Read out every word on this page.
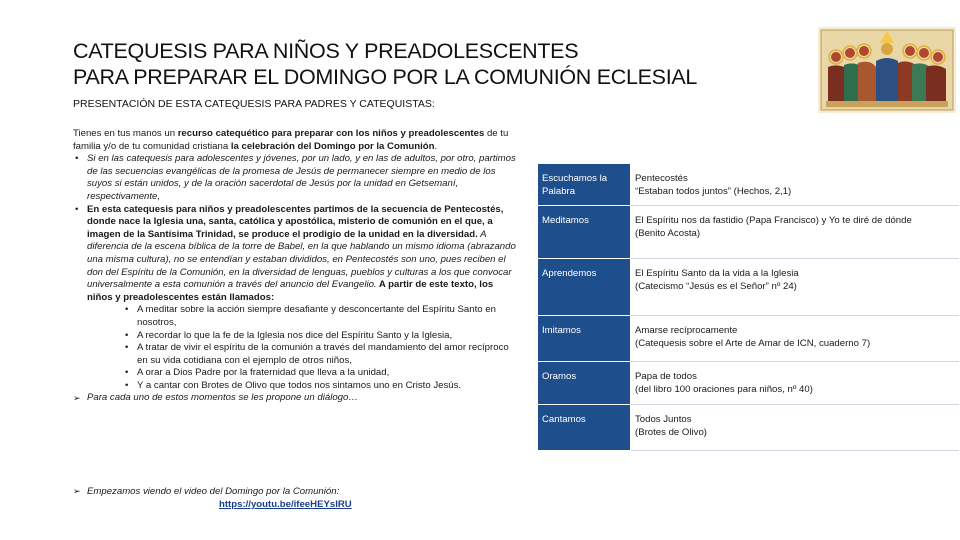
CATEQUESIS PARA NIÑOS Y PREADOLESCENTES
PARA PREPARAR EL DOMINGO POR LA COMUNIÓN ECLESIAL
PRESENTACIÓN DE ESTA CATEQUESIS PARA PADRES Y CATEQUISTAS:

Tienes en tus manos un recurso catequético para preparar con los niños y preadolescentes de tu familia y/o de tu comunidad cristiana la celebración del Domingo por la Comunión.

• Si en las catequesis para adolescentes y jóvenes, por un lado, y en las de adultos, por otro, partimos de las secuencias evangélicas de la promesa de Jesús de permanecer siempre en medio de los suyos si están unidos, y de la oración sacerdotal de Jesús por la unidad en Getsemaní, respectivamente,
• En esta catequesis para niños y preadolescentes partimos de la secuencia de Pentecostés, donde nace la Iglesia una, santa, católica y apostólica, misterio de comunión en el que, a imagen de la Santísima Trinidad, se produce el prodigio de la unidad en la diversidad. A diferencia de la escena bíblica de la torre de Babel, en la que hablando un mismo idioma (abrazando una misma cultura), no se entendían y estaban divididos, en Pentecostés son uno, pues reciben el don del Espíritu de la Comunión, en la diversidad de lenguas, pueblos y culturas a los que convocar universalmente a esta comunión a través del anuncio del Evangelio. A partir de este texto, los niños y preadolescentes están llamados:
• A meditar sobre la acción siempre desafiante y desconcertante del Espíritu Santo en nosotros,
• A recordar lo que la fe de la Iglesia nos dice del Espíritu Santo y la Iglesia,
• A tratar de vivir el espíritu de la comunión a través del mandamiento del amor recíproco en su vida cotidiana con el ejemplo de otros niños,
• A orar a Dios Padre por la fraternidad que lleva a la unidad,
• Y a cantar con Brotes de Olivo que todos nos sintamos uno en Cristo Jesús.
➢ Para cada uno de estos momentos se les propone un diálogo…
➢ Empezamos viendo el video del Domingo por la Comunión:
https://youtu.be/ifeeHEYsIRU
Escuchamos la Palabra	Pentecostés
“Estaban todos juntos” (Hechos, 2,1)

Meditamos	El Espíritu nos da fastidio (Papa Francisco) y Yo te diré de dónde
(Benito Acosta)

Aprendemos	El Espíritu Santo da la vida a la Iglesia
(Catecismo “Jesús es el Señor” nº 24)

Imitamos	Amarse recíprocamente
(Catequesis sobre el Arte de Amar de ICN, cuaderno 7)

Oramos	Papa de todos
(del libro 100 oraciones para niños, nº 40)

Cantamos	Todos Juntos
(Brotes de Olivo)
